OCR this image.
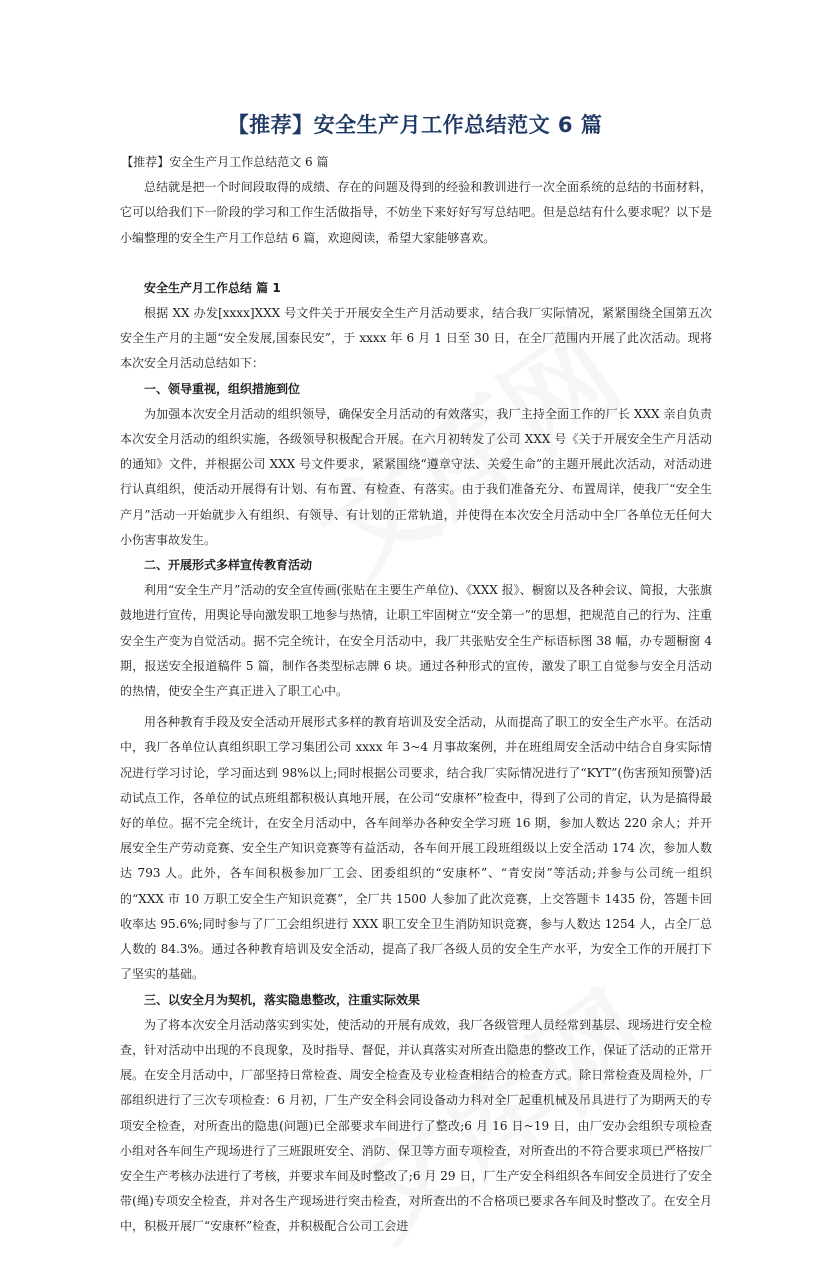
【推荐】安全生产月工作总结范文 6 篇

【推荐】安全生产月工作总结范文 6 篇

总结就是把一个时间段取得的成绩、存在的问题及得到的经验和教训进行一次全面系统的总结的书面材料，它可以给我们下一阶段的学习和工作生活做指导，不妨坐下来好好写写总结吧。但是总结有什么要求呢？以下是小编整理的安全生产月工作总结 6 篇，欢迎阅读，希望大家能够喜欢。

安全生产月工作总结 篇 1

根据 XX 办发[xxxx]XXX 号文件关于开展安全生产月活动要求，结合我厂实际情况，紧紧围绕全国第五次安全生产月的主题“安全发展,国泰民安”，于 xxxx 年 6 月 1 日至 30 日，在全厂范围内开展了此次活动。现将本次安全月活动总结如下：

一、领导重视，组织措施到位

为加强本次安全月活动的组织领导，确保安全月活动的有效落实，我厂主持全面工作的厂长 XXX 亲自负责本次安全月活动的组织实施，各级领导积极配合开展。在六月初转发了公司 XXX 号《关于开展安全生产月活动的通知》文件，并根据公司 XXX 号文件要求，紧紧围绕“遵章守法、关爱生命”的主题开展此次活动，对活动进行认真组织，使活动开展得有计划、有布置、有检查、有落实。由于我们准备充分、布置周详，使我厂“安全生产月”活动一开始就步入有组织、有领导、有计划的正常轨道，并使得在本次安全月活动中全厂各单位无任何大小伤害事故发生。

二、开展形式多样宣传教育活动

利用“安全生产月”活动的安全宣传画(张贴在主要生产单位)、《XXX 报》、橱窗以及各种会议、简报，大张旗鼓地进行宣传，用舆论导向激发职工地参与热情，让职工牢固树立“安全第一”的思想，把规范自己的行为、注重安全生产变为自觉活动。据不完全统计，在安全月活动中，我厂共张贴安全生产标语标图 38 幅，办专题橱窗 4 期，报送安全报道稿件 5 篇，制作各类型标志牌 6 块。通过各种形式的宣传，激发了职工自觉参与安全月活动的热情，使安全生产真正进入了职工心中。

用各种教育手段及安全活动开展形式多样的教育培训及安全活动，从而提高了职工的安全生产水平。在活动中，我厂各单位认真组织职工学习集团公司 xxxx 年 3~4 月事故案例，并在班组周安全活动中结合自身实际情况进行学习讨论，学习面达到 98%以上;同时根据公司要求，结合我厂实际情况进行了“KYT”(伤害预知预警)活动试点工作，各单位的试点班组都积极认真地开展，在公司“安康杯”检查中，得到了公司的肯定，认为是搞得最好的单位。据不完全统计，在安全月活动中，各车间举办各种安全学习班 16 期，参加人数达 220 余人；并开展安全生产劳动竞赛、安全生产知识竞赛等有益活动，各车间开展工段班组级以上安全活动 174 次，参加人数达 793 人。此外，各车间积极参加厂工会、团委组织的“安康杯”、“青安岗”等活动;并参与公司统一组织的“XXX 市 10 万职工安全生产知识竞赛”，全厂共 1500 人参加了此次竞赛，上交答题卡 1435 份，答题卡回收率达 95.6%;同时参与了厂工会组织进行 XXX 职工安全卫生消防知识竞赛，参与人数达 1254 人，占全厂总人数的 84.3%。通过各种教育培训及安全活动，提高了我厂各级人员的安全生产水平，为安全工作的开展打下了坚实的基础。

三、以安全月为契机，落实隐患整改，注重实际效果

为了将本次安全月活动落实到实处，使活动的开展有成效，我厂各级管理人员经常到基层、现场进行安全检查，针对活动中出现的不良现象，及时指导、督促，并认真落实对所查出隐患的整改工作，保证了活动的正常开展。在安全月活动中，厂部坚持日常检查、周安全检查及专业检查相结合的检查方式。除日常检查及周检外，厂部组织进行了三次专项检查：6 月初，厂生产安全科会同设备动力科对全厂起重机械及吊具进行了为期两天的专项安全检查，对所查出的隐患(问题)已全部要求车间进行了整改;6 月 16 日~19 日，由厂安办会组织专项检查小组对各车间生产现场进行了三班跟班安全、消防、保卫等方面专项检查，对所查出的不符合要求项已严格按厂安全生产考核办法进行了考核，并要求车间及时整改了;6 月 29 日，厂生产安全科组织各车间安全员进行了安全带(绳)专项安全检查，并对各生产现场进行突击检查，对所查出的不合格项已要求各车间及时整改了。在安全月中，积极开展厂“安康杯”检查，并积极配合公司工会进
